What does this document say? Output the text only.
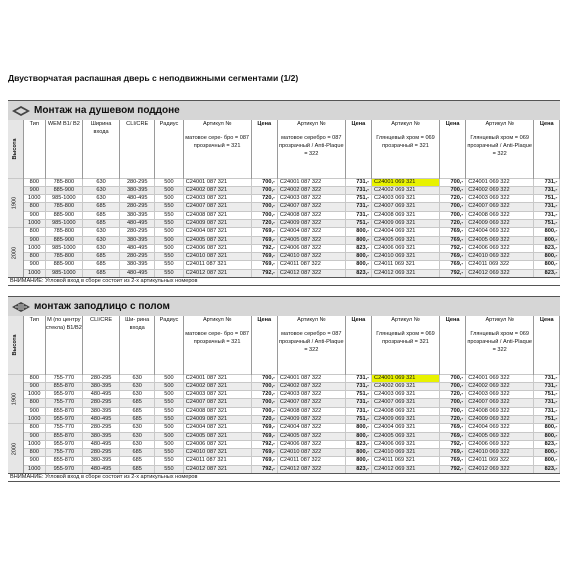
Двустворчатая распашная дверь с неподвижными сегментами (1/2)
Монтаж на душевом поддоне
Высота	Тип	WEM B1/ B2	Ширина входа	CLI/CRE	Радиус	Артикул №
матовое сере- бро = 087 прозрачный = 321	Цена	Артикул №
матовое серебро = 087 прозрачный / Anti-Plaque = 322	Цена	Артикул №
Глянцевый хром = 069 прозрачный = 321	Цена	Артикул №
Глянцевый хром = 069 прозрачный / Anti-Plaque = 322	Цена

1900	800	785-800	630	280-295	500	C24001 087 321	700,-	C24001 087 322	731,-	C24001 069 321	700,-	C24001 069 322	731,-
	900	885-900	630	380-395	500	C24002 087 321	700,-	C24002 087 322	731,-	C24002 069 321	700,-	C24002 069 322	731,-
	1000	985-1000	630	480-495	500	C24003 087 321	720,-	C24003 087 322	751,-	C24003 069 321	720,-	C24003 069 322	751,-
	800	785-800	685	280-295	550	C24007 087 321	700,-	C24007 087 322	731,-	C24007 069 321	700,-	C24007 069 322	731,-
	900	885-900	685	380-395	550	C24008 087 321	700,-	C24008 087 322	731,-	C24008 069 321	700,-	C24008 069 322	731,-
	1000	985-1000	685	480-495	550	C24009 087 321	720,-	C24009 087 322	751,-	C24009 069 321	720,-	C24009 069 322	751,-

2000	800	785-800	630	280-295	500	C24004 087 321	769,-	C24004 087 322	800,-	C24004 069 321	769,-	C24004 069 322	800,-
	900	885-900	630	380-395	500	C24005 087 321	769,-	C24005 087 322	800,-	C24005 069 321	769,-	C24005 069 322	800,-
	1000	985-1000	630	480-495	500	C24006 087 321	792,-	C24006 087 322	823,-	C24006 069 321	792,-	C24006 069 322	823,-
	800	785-800	685	280-295	550	C24010 087 321	769,-	C24010 087 322	800,-	C24010 069 321	769,-	C24010 069 322	800,-
	900	885-900	685	380-395	550	C24011 087 321	769,-	C24011 087 322	800,-	C24011 069 321	769,-	C24011 069 322	800,-
	1000	985-1000	685	480-495	550	C24012 087 321	792,-	C24012 087 322	823,-	C24012 069 321	792,-	C24012 069 322	823,-
ВНИМАНИЕ: Угловой вход в сборе состоит из 2-х артикульных номеров
монтаж заподлицо с полом
Высота	Тип	M (по центру стекла) B1/B2	CLI/CRE	Ши- рина входа	Радиус	Артикул №
матовое сере- бро = 087 прозрачный = 321	Цена	Артикул №
матовое серебро = 087 прозрачный / Anti-Plaque = 322	Цена	Артикул №
Глянцевый хром = 069 прозрачный = 321	Цена	Артикул №
Глянцевый хром = 069 прозрачный / Anti-Plaque = 322	Цена

1900	800	755-770	280-295	630	500	C24001 087 321	700,-	C24001 087 322	731,-	C24001 069 321	700,-	C24001 069 322	731,-
	900	855-870	380-395	630	500	C24002 087 321	700,-	C24002 087 322	731,-	C24002 069 321	700,-	C24002 069 322	731,-
	1000	955-970	480-495	630	500	C24003 087 321	720,-	C24003 087 322	751,-	C24003 069 321	720,-	C24003 069 322	751,-
	800	755-770	280-295	685	550	C24007 087 321	700,-	C24007 087 322	731,-	C24007 069 321	700,-	C24007 069 322	731,-
	900	855-870	380-395	685	550	C24008 087 321	700,-	C24008 087 322	731,-	C24008 069 321	700,-	C24008 069 322	731,-
	1000	955-970	480-495	685	550	C24009 087 321	720,-	C24009 087 322	751,-	C24009 069 321	720,-	C24009 069 322	751,-

2000	800	755-770	280-295	630	500	C24004 087 321	769,-	C24004 087 322	800,-	C24004 069 321	769,-	C24004 069 322	800,-
	900	855-870	380-395	630	500	C24005 087 321	769,-	C24005 087 322	800,-	C24005 069 321	769,-	C24005 069 322	800,-
	1000	955-970	480-495	630	500	C24006 087 321	792,-	C24006 087 322	823,-	C24006 069 321	792,-	C24006 069 322	823,-
	800	755-770	280-295	685	550	C24010 087 321	769,-	C24010 087 322	800,-	C24010 069 321	769,-	C24010 069 322	800,-
	900	855-870	380-395	685	550	C24011 087 321	769,-	C24011 087 322	800,-	C24011 069 321	769,-	C24011 069 322	800,-
	1000	955-970	480-495	685	550	C24012 087 321	792,-	C24012 087 322	823,-	C24012 069 321	792,-	C24012 069 322	823,-
ВНИМАНИЕ: Угловой вход в сборе состоит из 2-х артикульных номеров
